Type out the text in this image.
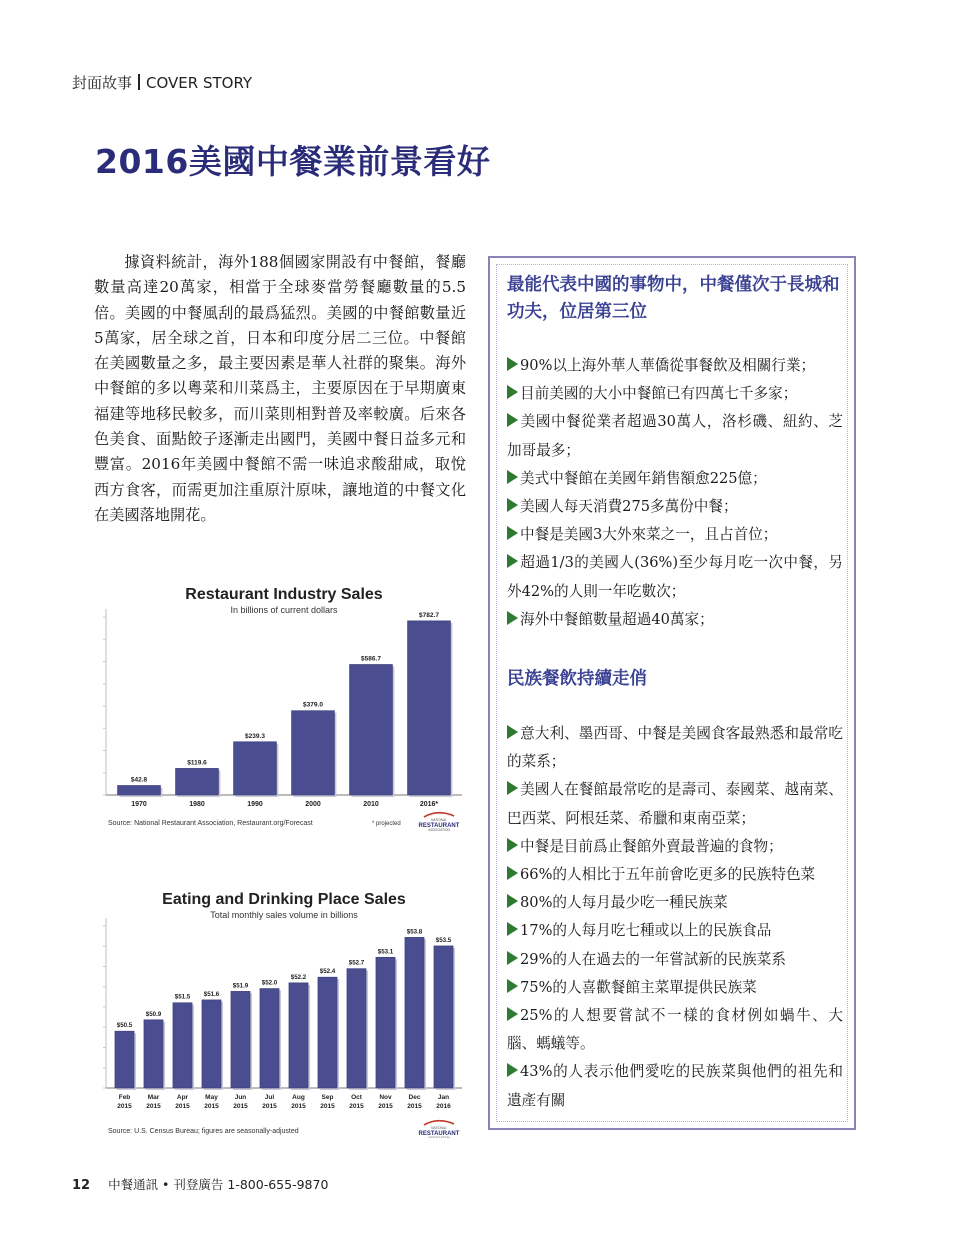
封面故事 COVER STORY
2016美國中餐業前景看好

據資料統計，海外188個國家開設有中餐館，餐廳數量高達20萬家，相當于全球麥當勞餐廳數量的5.5倍。美國的中餐風刮的最爲猛烈。美國的中餐館數量近5萬家，居全球之首，日本和印度分居二三位。中餐館在美國數量之多，最主要因素是華人社群的聚集。海外中餐館的多以粵菜和川菜爲主，主要原因在于早期廣東福建等地移民較多，而川菜則相對普及率較廣。后來各色美食、面點餃子逐漸走出國門，美國中餐日益多元和豐富。2016年美國中餐館不需一味追求酸甜咸，取悅西方食客，而需更加注重原汁原味，讓地道的中餐文化在美國落地開花。

Restaurant Industry Sales
In billions of current dollars
$42.8
1970
$119.6
1980
$239.3
1990
$379.0
2000
$586.7
2010
$782.7
2016*
Source: National Restaurant Association, Restaurant.org/Forecast	* projected
NATIONAL
RESTAURANT
ASSOCIATION
Eating and Drinking Place Sales
Total monthly sales volume in billions
$50.5
Feb
2015
$50.9
Mar
2015
$51.5
Apr
2015
$51.6
May
2015
$51.9
Jun
2015
$52.0
Jul
2015
$52.2
Aug
2015
$52.4
Sep
2015
$52.7
Oct
2015
$53.1
Nov
2015
$53.8
Dec
2015
$53.5
Jan
2016
Source: U.S. Census Bureau; figures are seasonally-adjusted	NATIONAL
RESTAURANT
ASSOCIATION

最能代表中國的事物中，中餐僅次于長城和功夫，位居第三位

90%以上海外華人華僑從事餐飲及相關行業；
目前美國的大小中餐館已有四萬七千多家；
美國中餐從業者超過30萬人，洛杉磯、紐約、芝加哥最多；
美式中餐館在美國年銷售額愈225億；
美國人每天消費275多萬份中餐；
中餐是美國3大外來菜之一，且占首位；
超過1/3的美國人(36%)至少每月吃一次中餐，另外42%的人則一年吃數次；
海外中餐館數量超過40萬家；

民族餐飲持續走俏

意大利、墨西哥、中餐是美國食客最熟悉和最常吃的菜系；
美國人在餐館最常吃的是壽司、泰國菜、越南菜、巴西菜、阿根廷菜、希臘和東南亞菜；
中餐是目前爲止餐館外賣最普遍的食物；
66%的人相比于五年前會吃更多的民族特色菜
80%的人每月最少吃一種民族菜
17%的人每月吃七種或以上的民族食品
29%的人在過去的一年嘗試新的民族菜系
75%的人喜歡餐館主菜單提供民族菜
25%的人想要嘗試不一樣的食材例如蝸牛、大腦、螞蟻等。
43%的人表示他們愛吃的民族菜與他們的祖先和遺產有關
12 中餐通訊 • 刊登廣告 1-800-655-9870
